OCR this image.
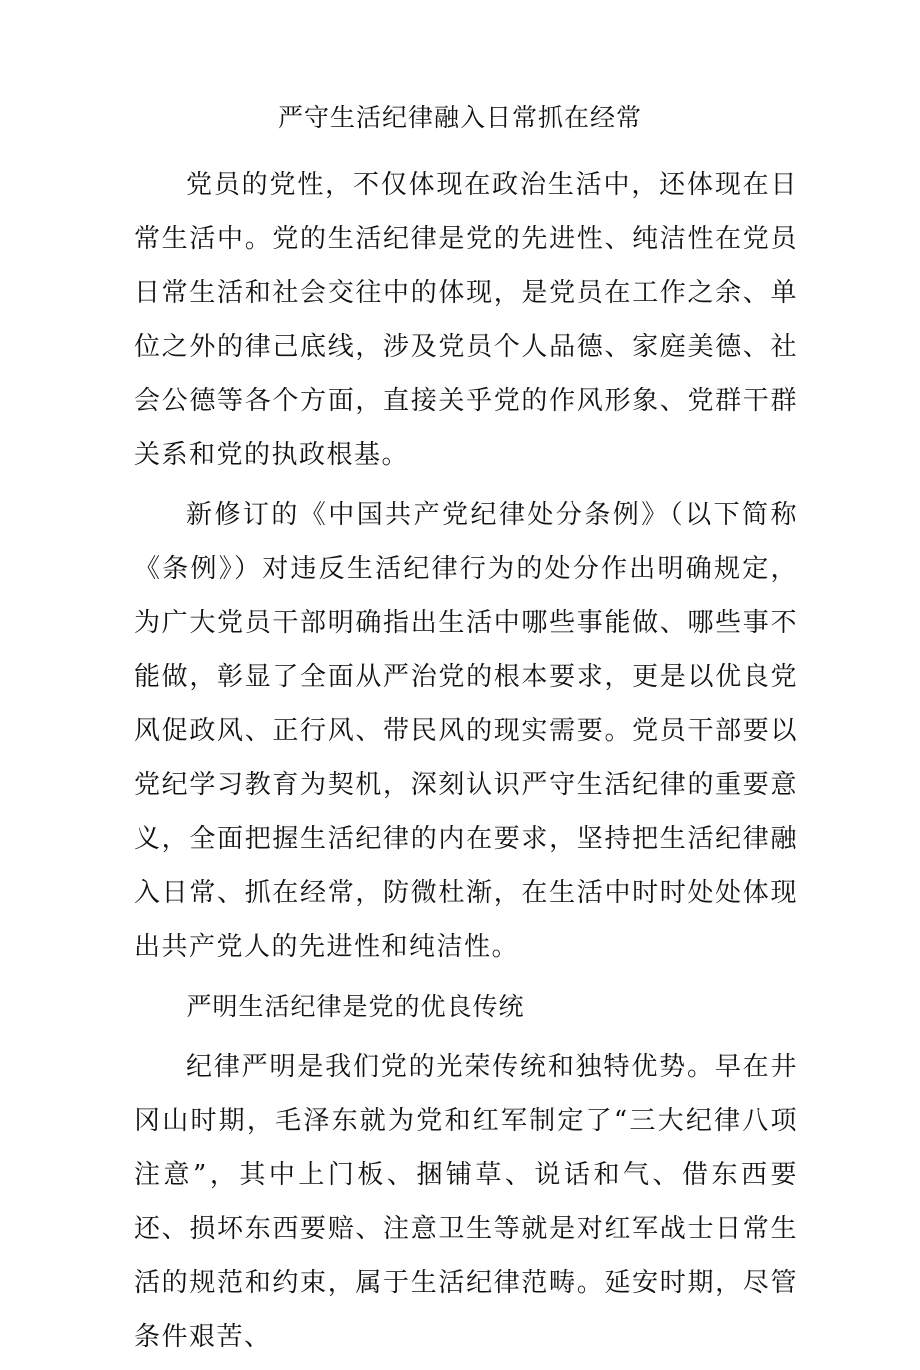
严守生活纪律融入日常抓在经常

党员的党性，不仅体现在政治生活中，还体现在日常生活中。党的生活纪律是党的先进性、纯洁性在党员日常生活和社会交往中的体现，是党员在工作之余、单位之外的律己底线，涉及党员个人品德、家庭美德、社会公德等各个方面，直接关乎党的作风形象、党群干群关系和党的执政根基。

新修订的《中国共产党纪律处分条例》（以下简称《条例》）对违反生活纪律行为的处分作出明确规定，为广大党员干部明确指出生活中哪些事能做、哪些事不能做，彰显了全面从严治党的根本要求，更是以优良党风促政风、正行风、带民风的现实需要。党员干部要以党纪学习教育为契机，深刻认识严守生活纪律的重要意义，全面把握生活纪律的内在要求，坚持把生活纪律融入日常、抓在经常，防微杜渐，在生活中时时处处体现出共产党人的先进性和纯洁性。

严明生活纪律是党的优良传统

纪律严明是我们党的光荣传统和独特优势。早在井冈山时期，毛泽东就为党和红军制定了“三大纪律八项注意”，其中上门板、捆铺草、说话和气、借东西要还、损坏东西要赔、注意卫生等就是对红军战士日常生活的规范和约束，属于生活纪律范畴。延安时期，尽管条件艰苦、
